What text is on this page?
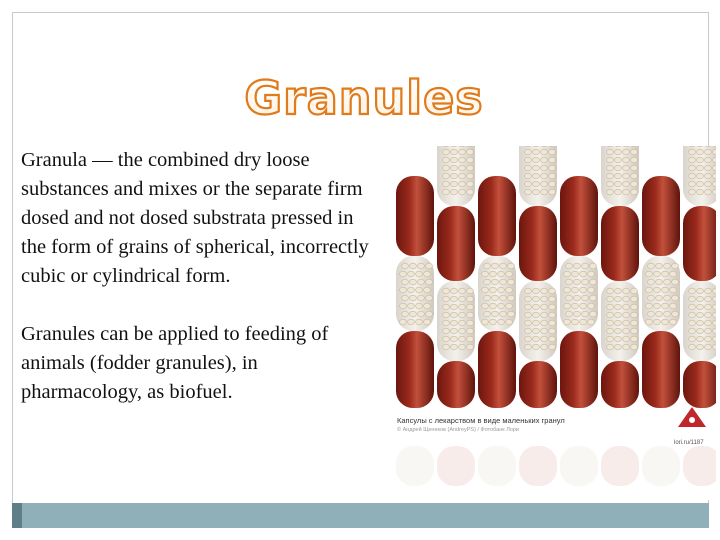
Granules

Granula — the combined dry loose substances and mixes or the separate firm dosed and not dosed substrata pressed in the form of grains of spherical, incorrectly cubic or cylindrical form.

Granules can be applied to feeding of animals (fodder granules), in pharmacology, as biofuel.

Капсулы с лекарством в виде маленьких гранул
© Андрей Щенеков (AndreyPS) / Фотобанк Лори
lori.ru/1187
